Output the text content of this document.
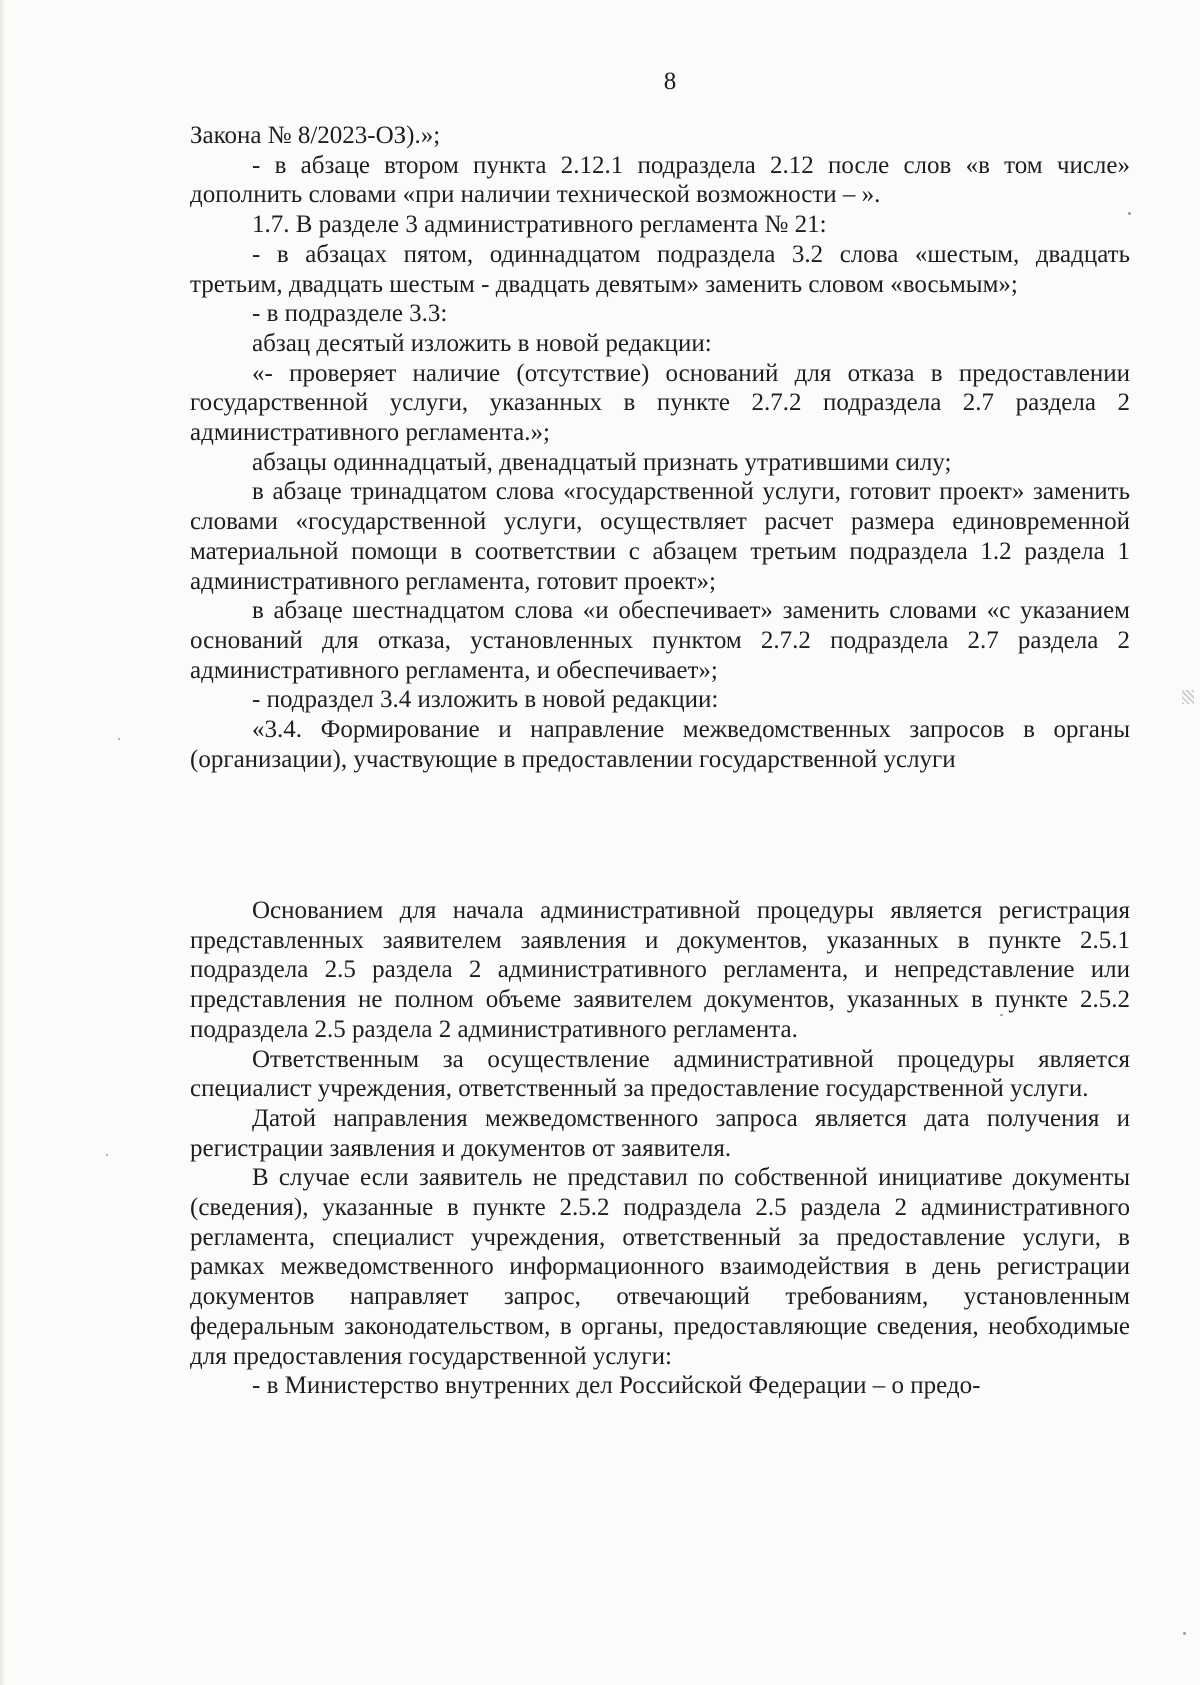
8

Закона № 8/2023-ОЗ).»;

- в абзаце втором пункта 2.12.1 подраздела 2.12 после слов «в том числе» дополнить словами «при наличии технической возможности – ».

1.7. В разделе 3 административного регламента № 21:

- в абзацах пятом, одиннадцатом подраздела 3.2 слова «шестым, двадцать третьим, двадцать шестым - двадцать девятым» заменить словом «восьмым»;

- в подразделе 3.3:

абзац десятый изложить в новой редакции:

«- проверяет наличие (отсутствие) оснований для отказа в предоставлении государственной услуги, указанных в пункте 2.7.2 подраздела 2.7 раздела 2 административного регламента.»;

абзацы одиннадцатый, двенадцатый признать утратившими силу;

в абзаце тринадцатом слова «государственной услуги, готовит проект» заменить словами «государственной услуги, осуществляет расчет размера единовременной материальной помощи в соответствии с абзацем третьим подраздела 1.2 раздела 1 административного регламента, готовит проект»;

в абзаце шестнадцатом слова «и обеспечивает» заменить словами «с указанием оснований для отказа, установленных пунктом 2.7.2 подраздела 2.7 раздела 2 административного регламента, и обеспечивает»;

- подраздел 3.4 изложить в новой редакции:

«3.4. Формирование и направление межведомственных запросов в органы (организации), участвующие в предоставлении государственной услуги

Основанием для начала административной процедуры является регистрация представленных заявителем заявления и документов, указанных в пункте 2.5.1 подраздела 2.5 раздела 2 административного регламента, и непредставление или представления не полном объеме заявителем документов, указанных в пункте 2.5.2 подраздела 2.5 раздела 2 административного регламента.

Ответственным за осуществление административной процедуры является специалист учреждения, ответственный за предоставление государственной услуги.

Датой направления межведомственного запроса является дата получения и регистрации заявления и документов от заявителя.

В случае если заявитель не представил по собственной инициативе документы (сведения), указанные в пункте 2.5.2 подраздела 2.5 раздела 2 административного регламента, специалист учреждения, ответственный за предоставление услуги, в рамках межведомственного информационного взаимодействия в день регистрации документов направляет запрос, отвечающий требованиям, установленным федеральным законодательством, в органы, предоставляющие сведения, необходимые для предоставления государственной услуги:

- в Министерство внутренних дел Российской Федерации – о предо-
